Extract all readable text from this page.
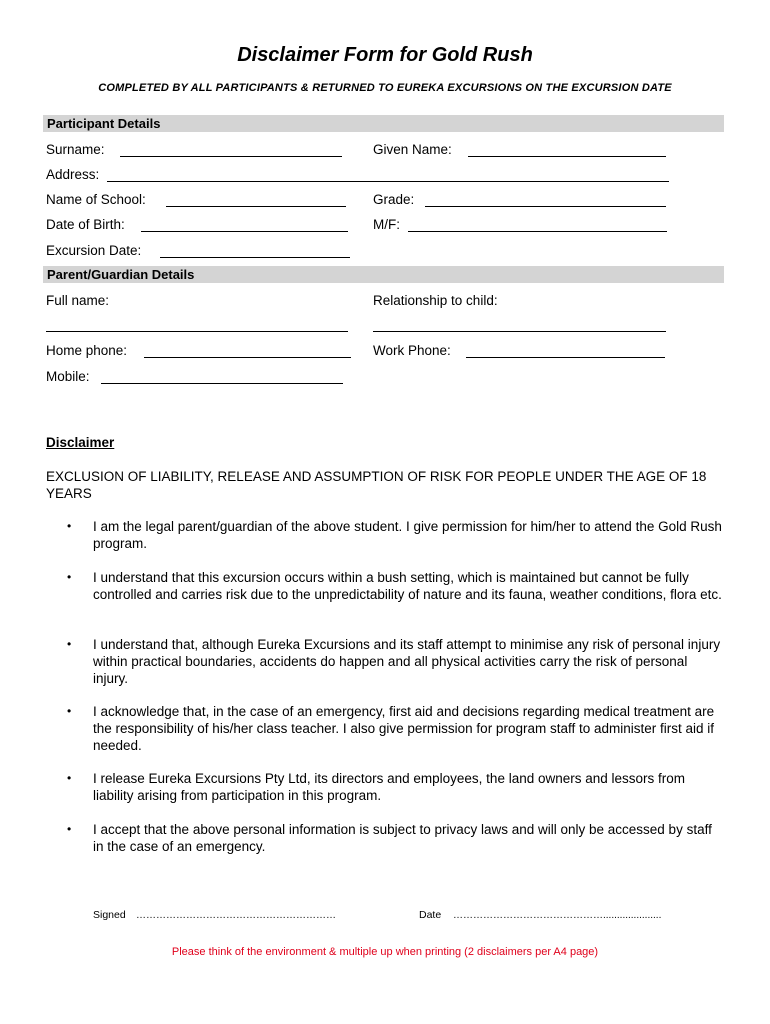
Disclaimer Form for Gold Rush
COMPLETED BY ALL PARTICIPANTS & RETURNED TO EUREKA EXCURSIONS ON THE EXCURSION DATE
Participant Details
Surname:	Given Name:
Address:
Name of School:	Grade:
Date of Birth:	M/F:
Excursion Date:
Parent/Guardian Details
Full name:	Relationship to child:
Home phone:	Work Phone:
Mobile:
Disclaimer
EXCLUSION OF LIABILITY, RELEASE AND ASSUMPTION OF RISK FOR PEOPLE UNDER THE AGE OF 18 YEARS
• I am the legal parent/guardian of the above student. I give permission for him/her to attend the Gold Rush program.
• I understand that this excursion occurs within a bush setting, which is maintained but cannot be fully controlled and carries risk due to the unpredictability of nature and its fauna, weather conditions, flora etc.
• I understand that, although Eureka Excursions and its staff attempt to minimise any risk of personal injury within practical boundaries, accidents do happen and all physical activities carry the risk of personal injury.
• I acknowledge that, in the case of an emergency, first aid and decisions regarding medical treatment are the responsibility of his/her class teacher. I also give permission for program staff to administer first aid if needed.
• I release Eureka Excursions Pty Ltd, its directors and employees, the land owners and lessors from liability arising from participation in this program.
• I accept that the above personal information is subject to privacy laws and will only be accessed by staff in the case of an emergency.
Signed ……………………………………………………	Date ……………………………………….....................
Please think of the environment & multiple up when printing (2 disclaimers per A4 page)
